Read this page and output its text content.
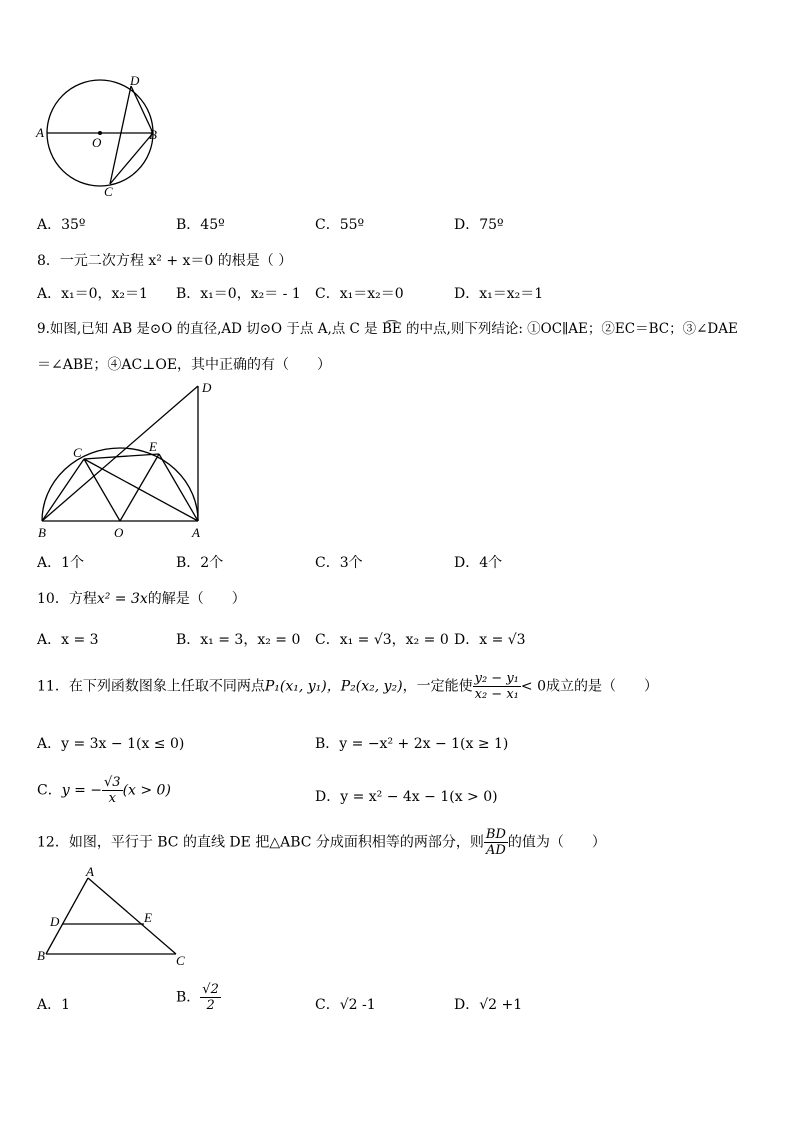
A	B
D
C
O
A．35º	B．45º	C．55º	D．75º
8．一元二次方程 x² + x＝0 的根是（ ）
A．x₁＝0，x₂＝1 B．x₁＝0，x₂＝ - 1 C．x₁＝x₂＝0	D．x₁＝x₂＝1
9.如图,已知 AB 是⊙O 的直径,AD 切⊙O 于点 A,点 C 是 B͡E 的中点,则下列结论: ①OC∥AE；②EC＝BC；③∠DAE
＝∠ABE；④AC⊥OE，其中正确的有（　　）
D
C	E
B	O	A
A．1个	B．2个	C．3个	D．4个
10．方程x² = 3x的解是（　　）
A．x = 3	B．x₁ = 3，x₂ = 0 C．x₁ = √3，x₂ = 0 D．x = √3
11．在下列函数图象上任取不同两点P₁(x₁, y₁)，P₂(x₂, y₂)，一定能使 $\frac{\text{y₂ − y₁}}{\text{x₂ − x₁}} < 0$成立的是（　　）
A．y = 3x − 1(x ≤ 0)	B．y = −x² + 2x − 1(x ≥ 1)
C．y = − $\frac{√3}{x} (x > 0)$	D．y = x² − 4x − 1(x > 0)
12．如图，平行于 BC 的直线 DE 把△ABC 分成面积相等的两部分，则 $\frac{BD}{AD}$ 的值为（　　）
A
D	E
B	C
A．1	B． $\frac{√2}{2}$	C．√2 -1	D．√2 +1
